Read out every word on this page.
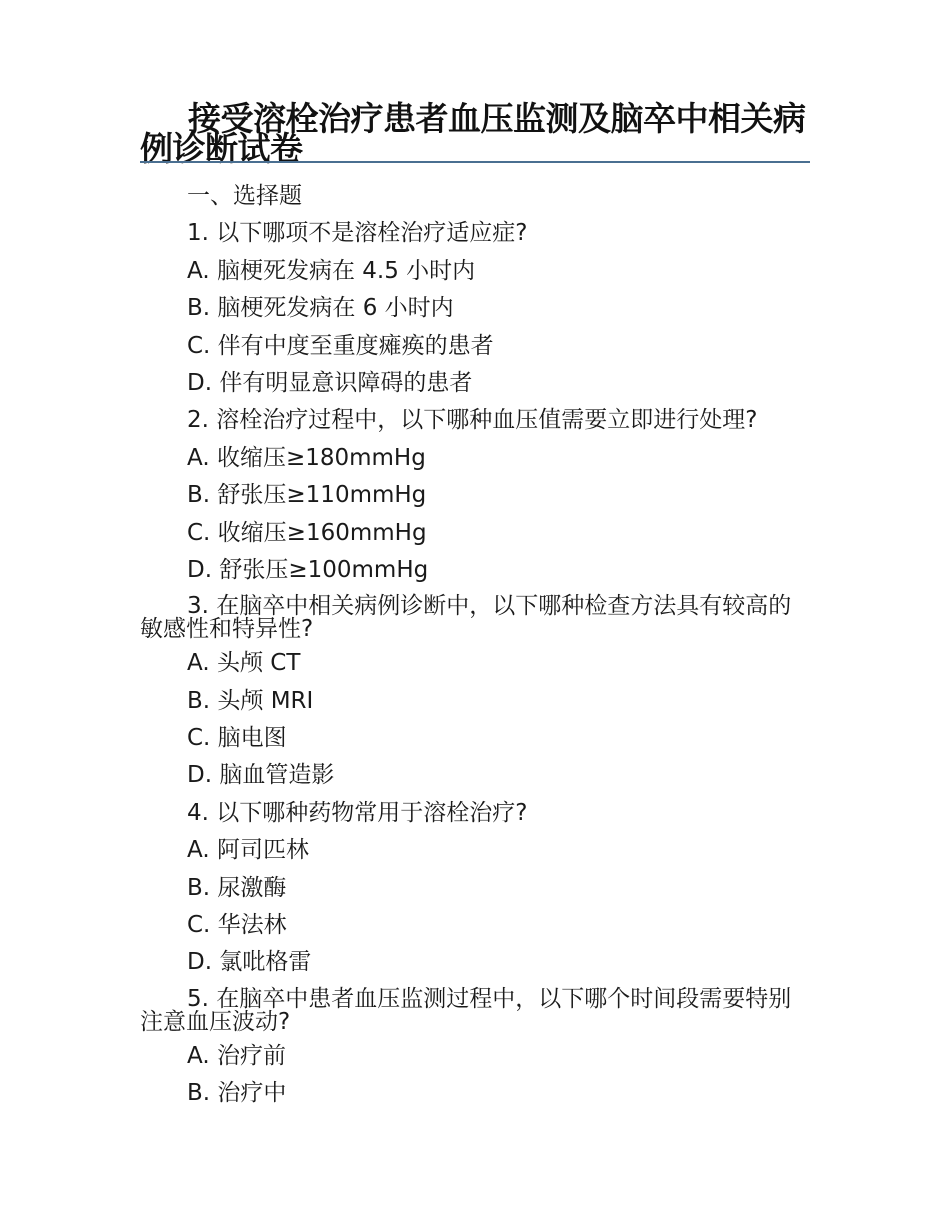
接受溶栓治疗患者血压监测及脑卒中相关病例诊断试卷
一、选择题
1. 以下哪项不是溶栓治疗适应症?
A. 脑梗死发病在 4.5 小时内
B. 脑梗死发病在 6 小时内
C. 伴有中度至重度瘫痪的患者
D. 伴有明显意识障碍的患者
2. 溶栓治疗过程中，以下哪种血压值需要立即进行处理?
A. 收缩压≥180mmHg
B. 舒张压≥110mmHg
C. 收缩压≥160mmHg
D. 舒张压≥100mmHg
3. 在脑卒中相关病例诊断中，以下哪种检查方法具有较高的敏感性和特异性?
A. 头颅 CT
B. 头颅 MRI
C. 脑电图
D. 脑血管造影
4. 以下哪种药物常用于溶栓治疗?
A. 阿司匹林
B. 尿激酶
C. 华法林
D. 氯吡格雷
5. 在脑卒中患者血压监测过程中，以下哪个时间段需要特别注意血压波动?
A. 治疗前
B. 治疗中
